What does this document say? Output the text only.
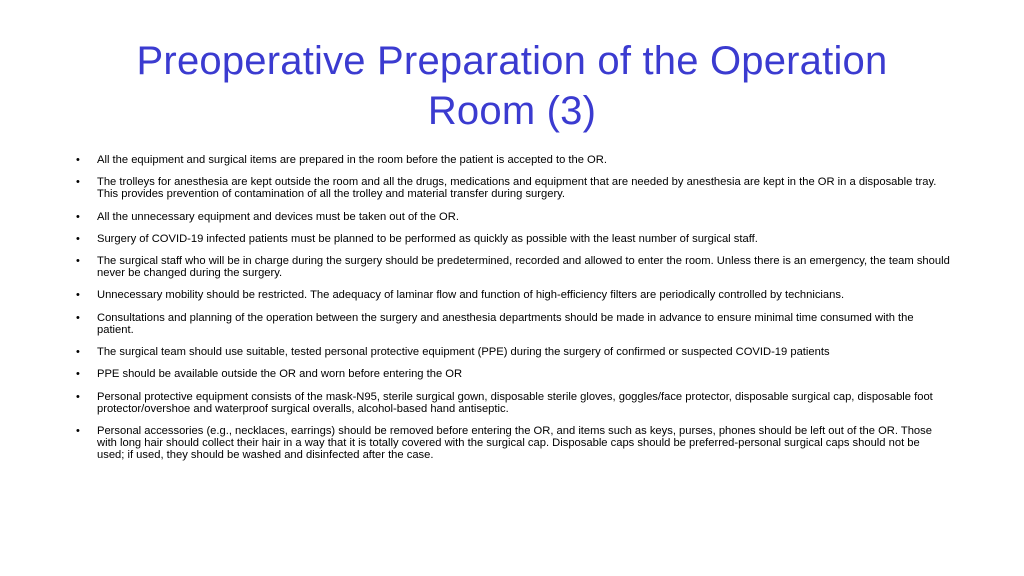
Preoperative Preparation of the Operation Room (3)
• All the equipment and surgical items are prepared in the room before the patient is accepted to the OR.
• The trolleys for anesthesia are kept outside the room and all the drugs, medications and equipment that are needed by anesthesia are kept in the OR in a disposable tray. This provides prevention of contamination of all the trolley and material transfer during surgery.
• All the unnecessary equipment and devices must be taken out of the OR.
• Surgery of COVID-19 infected patients must be planned to be performed as quickly as possible with the least number of surgical staff.
• The surgical staff who will be in charge during the surgery should be predetermined, recorded and allowed to enter the room. Unless there is an emergency, the team should never be changed during the surgery.
• Unnecessary mobility should be restricted. The adequacy of laminar flow and function of high-efficiency filters are periodically controlled by technicians.
• Consultations and planning of the operation between the surgery and anesthesia departments should be made in advance to ensure minimal time consumed with the patient.
• The surgical team should use suitable, tested personal protective equipment (PPE) during the surgery of confirmed or suspected COVID-19 patients
• PPE should be available outside the OR and worn before entering the OR
• Personal protective equipment consists of the mask-N95, sterile surgical gown, disposable sterile gloves, goggles/face protector, disposable surgical cap, disposable foot protector/overshoe and waterproof surgical overalls, alcohol-based hand antiseptic.
• Personal accessories (e.g., necklaces, earrings) should be removed before entering the OR, and items such as keys, purses, phones should be left out of the OR. Those with long hair should collect their hair in a way that it is totally covered with the surgical cap. Disposable caps should be preferred-personal surgical caps should not be used; if used, they should be washed and disinfected after the case.
